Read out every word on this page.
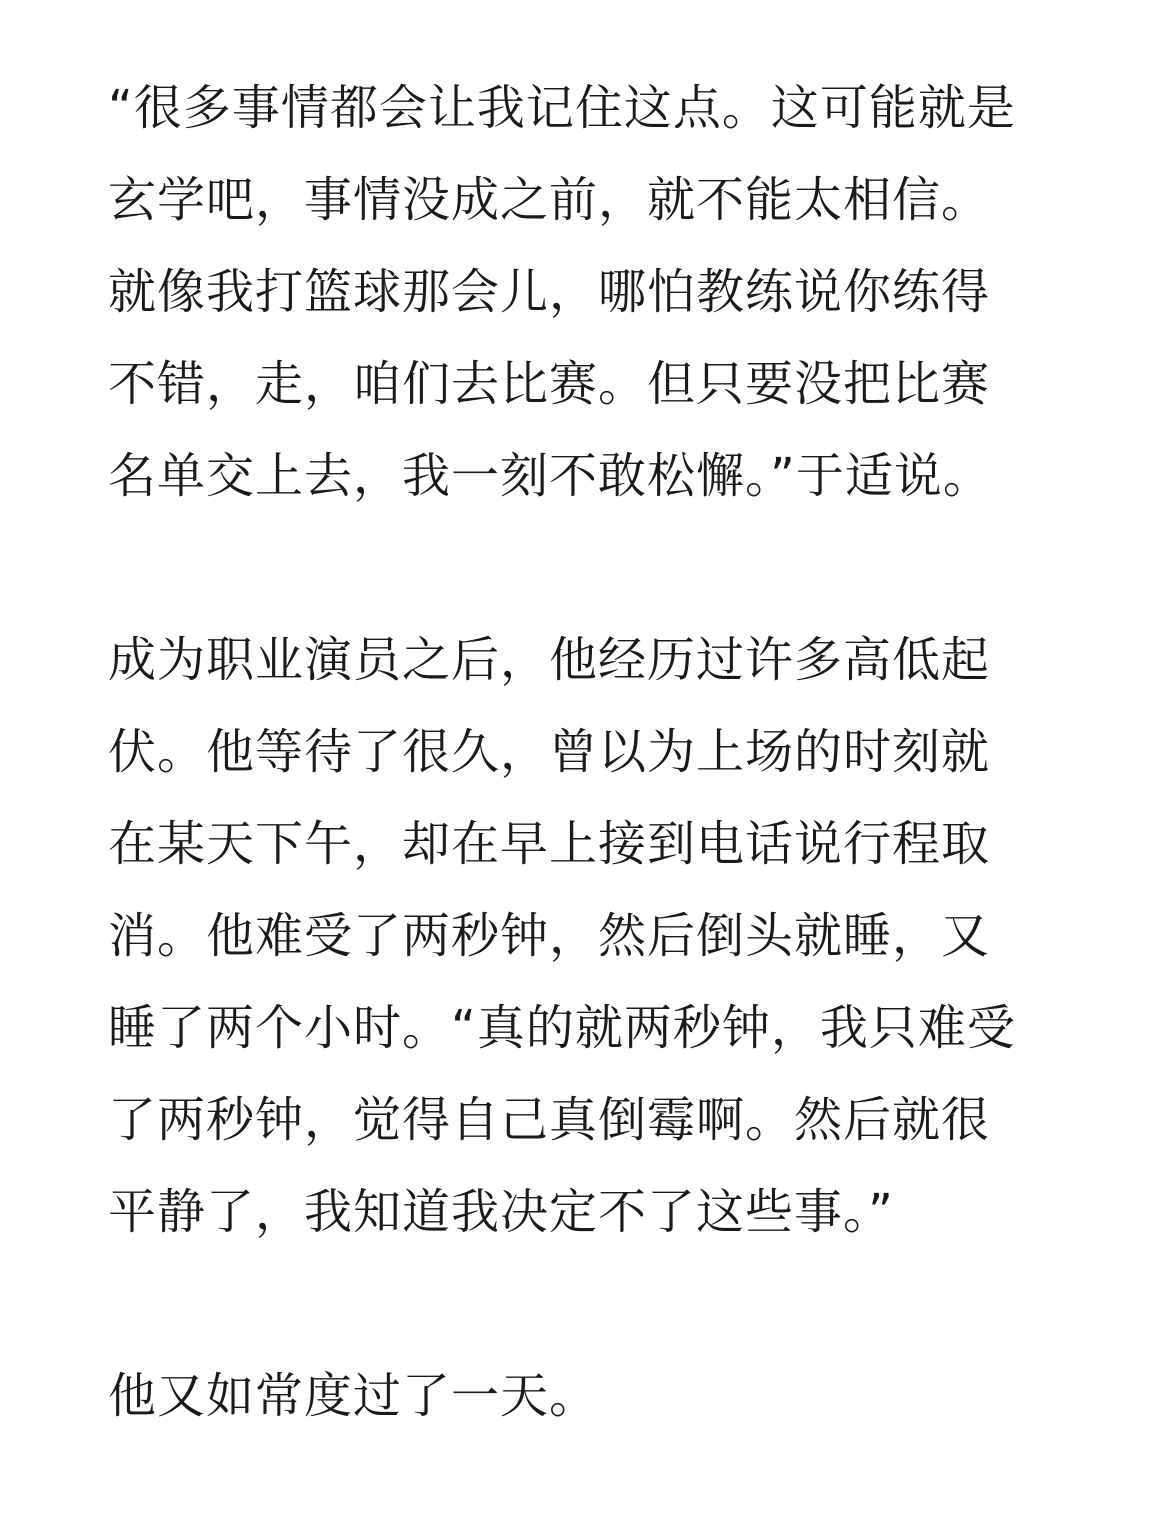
“很多事情都会让我记住这点。这可能就是
玄学吧，事情没成之前，就不能太相信。
就像我打篮球那会儿，哪怕教练说你练得
不错，走，咱们去比赛。但只要没把比赛
名单交上去，我一刻不敢松懈。”于适说。

成为职业演员之后，他经历过许多高低起
伏。他等待了很久，曾以为上场的时刻就
在某天下午，却在早上接到电话说行程取
消。他难受了两秒钟，然后倒头就睡，又
睡了两个小时。“真的就两秒钟，我只难受
了两秒钟，觉得自己真倒霉啊。然后就很
平静了，我知道我决定不了这些事。”

他又如常度过了一天。
